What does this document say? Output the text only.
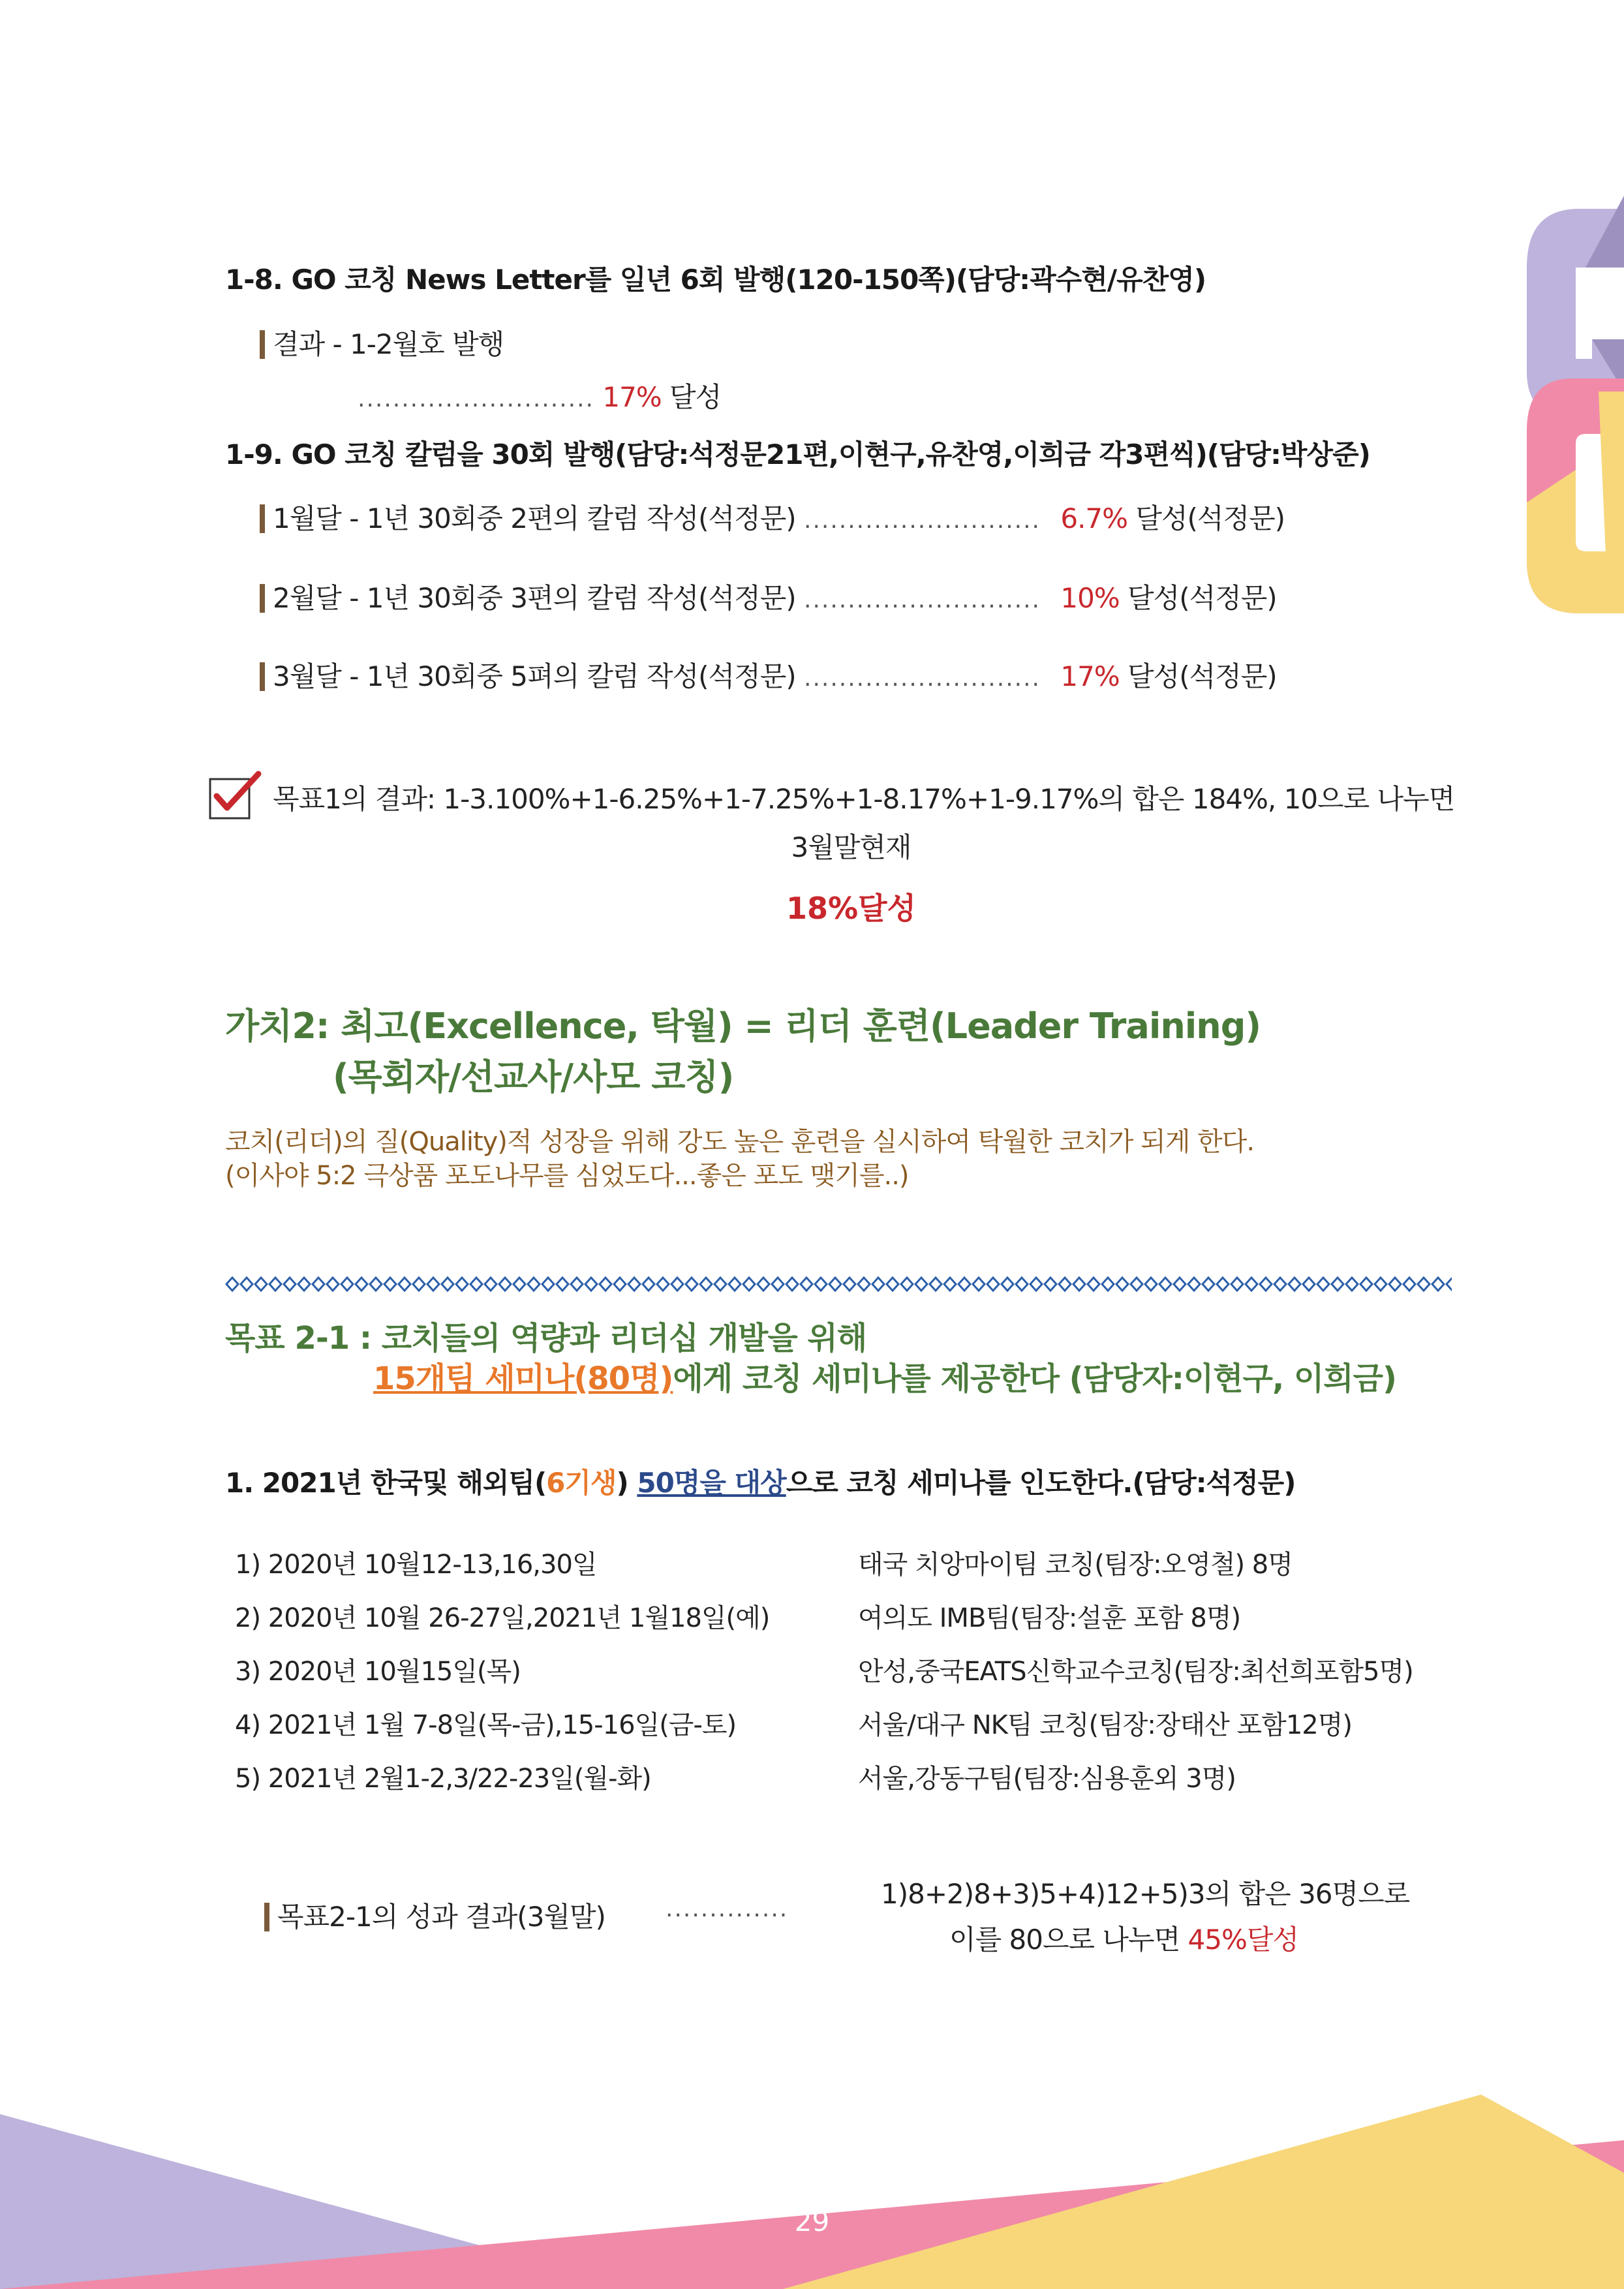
1-8. GO 코칭 News Letter를 일년 6회 발행(120-150쪽)(담당:곽수현/유찬영)
결과 - 1-2월호 발행
........................... 17% 달성
1-9. GO 코칭 칼럼을 30회 발행(담당:석정문21편,이현구,유찬영,이희금 각3편씩)(담당:박상준)
1월달 - 1년 30회중 2편의 칼럼 작성(석정문) ........................... 6.7% 달성(석정문)
2월달 - 1년 30회중 3편의 칼럼 작성(석정문) ........................... 10% 달성(석정문)
3월달 - 1년 30회중 5펴의 칼럼 작성(석정문) ........................... 17% 달성(석정문)
목표1의 결과: 1-3.100%+1-6.25%+1-7.25%+1-8.17%+1-9.17%의 합은 184%, 10으로 나누면
3월말현재
18%달성
가치2: 최고(Excellence, 탁월) = 리더 훈련(Leader Training)
(목회자/선교사/사모 코칭)
코치(리더)의 질(Quality)적 성장을 위해 강도 높은 훈련을 실시하여 탁월한 코치가 되게 한다.
(이사야 5:2 극상품 포도나무를 심었도다...좋은 포도 맺기를..)
목표 2-1 : 코치들의 역량과 리더십 개발을 위해
15개팀 세미나(80명)에게 코칭 세미나를 제공한다 (담당자:이현구, 이희금)
1. 2021년 한국및 해외팀(6기생) 50명을 대상으로 코칭 세미나를 인도한다.(담당:석정문)
1) 2020년 10월12-13,16,30일	태국 치앙마이팀 코칭(팀장:오영철) 8명
2) 2020년 10월 26-27일,2021년 1월18일(예)	여의도 IMB팀(팀장:설훈 포함 8명)
3) 2020년 10월15일(목)	안성,중국EATS신학교수코칭(팀장:최선희포함5명)
4) 2021년 1월 7-8일(목-금),15-16일(금-토)	서울/대구 NK팀 코칭(팀장:장태산 포함12명)
5) 2021년 2월1-2,3/22-23일(월-화)	서울,강동구팀(팀장:심용훈외 3명)
목표2-1의 성과 결과(3월말)	..............	1)8+2)8+3)5+4)12+5)3의 합은 36명으로
이를 80으로 나누면 45%달성
29
